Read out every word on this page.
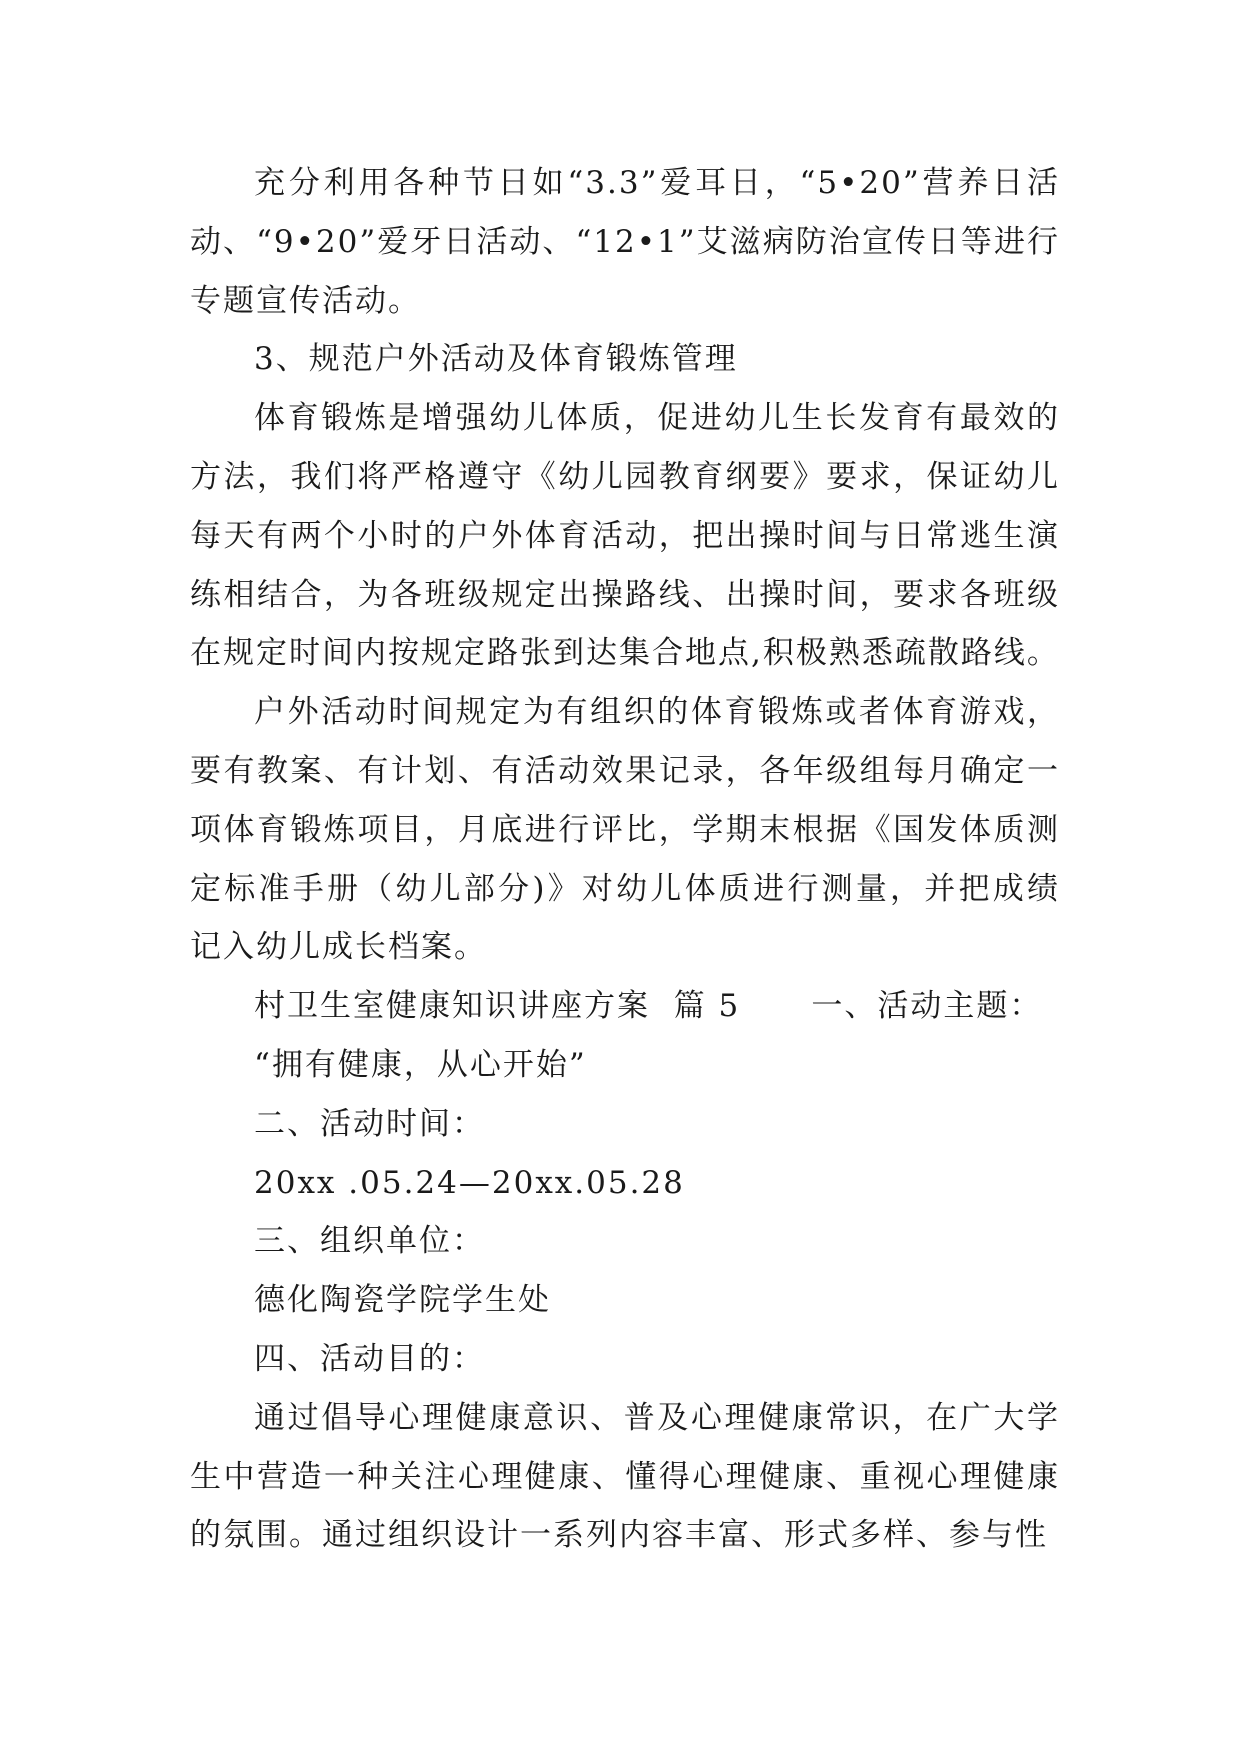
充分利用各种节日如“3.3”爱耳日，“5•20”营养日活动、“9•20”爱牙日活动、“12•1”艾滋病防治宣传日等进行专题宣传活动。

3、规范户外活动及体育锻炼管理

体育锻炼是增强幼儿体质，促进幼儿生长发育有最效的方法，我们将严格遵守《幼儿园教育纲要》要求，保证幼儿每天有两个小时的户外体育活动，把出操时间与日常逃生演练相结合，为各班级规定出操路线、出操时间，要求各班级在规定时间内按规定路张到达集合地点,积极熟悉疏散路线。

户外活动时间规定为有组织的体育锻炼或者体育游戏，要有教案、有计划、有活动效果记录，各年级组每月确定一项体育锻炼项目，月底进行评比，学期末根据《国发体质测定标准手册（幼儿部分)》对幼儿体质进行测量，并把成绩记入幼儿成长档案。

村卫生室健康知识讲座方案  篇 5      一、活动主题：

“拥有健康，从心开始”

二、活动时间：

20xx .05.24—20xx.05.28

三、组织单位：

德化陶瓷学院学生处

四、活动目的：

通过倡导心理健康意识、普及心理健康常识，在广大学生中营造一种关注心理健康、懂得心理健康、重视心理健康的氛围。通过组织设计一系列内容丰富、形式多样、参与性
